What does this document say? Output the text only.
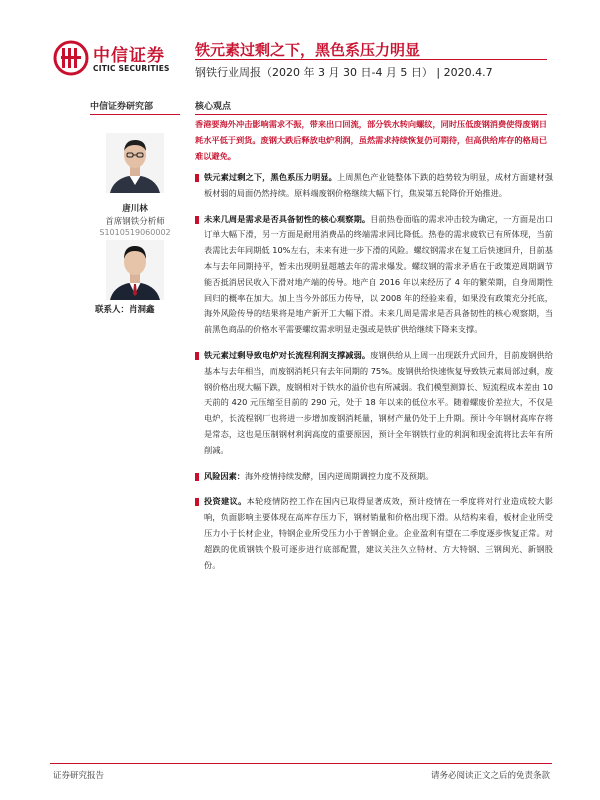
中信证券
CITIC SECURITIES
铁元素过剩之下，黑色系压力明显
钢铁行业周报（2020 年 3 月 30 日-4 月 5 日） | 2020.4.7
中信证券研究部
唐川林
首席钢铁分析师
S1010519060002
联系人：肖洞鑫
核心观点
香港要海外冲击影响需求不振，带来出口回流，部分铁水转向螺纹，同时压低废钢消费使得废钢日耗水平低于到货。废钢大跌后释放电炉利润，虽然需求持续恢复仍可期待，但高供给库存的格局已难以避免。
铁元素过剩之下，黑色系压力明显。上周黑色产业链整体下跌的趋势较为明显，成材方面建材强板材弱的局面仍然持续。原料端废钢价格继续大幅下行，焦炭第五轮降价开始推进。
未来几周是需求是否具备韧性的核心观察期。目前热卷面临的需求冲击较为确定，一方面是出口订单大幅下滑，另一方面是耐用消费品的终端需求同比降低。热卷的需求疲软已有所体现，当前表需比去年同期低 10%左右，未来有进一步下滑的风险。螺纹钢需求在复工后快速回升，目前基本与去年同期持平，暂未出现明显超越去年的需求爆发。螺纹钢的需求矛盾在于政策逆周期调节能否抵消居民收入下滑对地产端的传导。地产自 2016 年以来经历了 4 年的繁荣期，自身周期性回归的概率在加大。加上当今外部压力传导，以 2008 年的经验来看，如果没有政策充分托底，海外风险传导的结果将是地产新开工大幅下滑。未来几周是需求是否具备韧性的核心观察期，当前黑色商品的价格水平需要螺纹需求明显走强或是铁矿供给继续下降来支撑。
铁元素过剩导致电炉对长流程利润支撑减弱。废钢供给从上周一出现跃升式回升，目前废钢供给基本与去年相当，而废钢消耗只有去年同期的 75%。废钢供给快速恢复导致铁元素局部过剩，废钢价格出现大幅下跌，废钢相对于铁水的溢价也有所减弱。我们模型测算长、短流程成本差由 10 天前的 420 元压缩至目前的 290 元，处于 18 年以来的低位水平。随着螺废价差拉大，不仅是电炉，长流程钢厂也将进一步增加废钢消耗量，钢材产量仍处于上升期。预计今年钢材高库存将是常态，这也是压制钢材利润高度的重要原因，预计全年钢铁行业的利润和现金流将比去年有所削减。
风险因素：海外疫情持续发酵，国内逆周期调控力度不及预期。
投资建议。本轮疫情防控工作在国内已取得显著成效，预计疫情在一季度将对行业造成较大影响，负面影响主要体现在高库存压力下，钢材销量和价格出现下滑。从结构来看，板材企业所受压力小于长材企业，特钢企业所受压力小于普钢企业。企业盈利有望在二季度逐步恢复正常。对超跌的优质钢铁个股可逐步进行底部配置，建议关注久立特材、方大特钢、三钢闽光、新钢股份。
证券研究报告	请务必阅读正文之后的免责条款
